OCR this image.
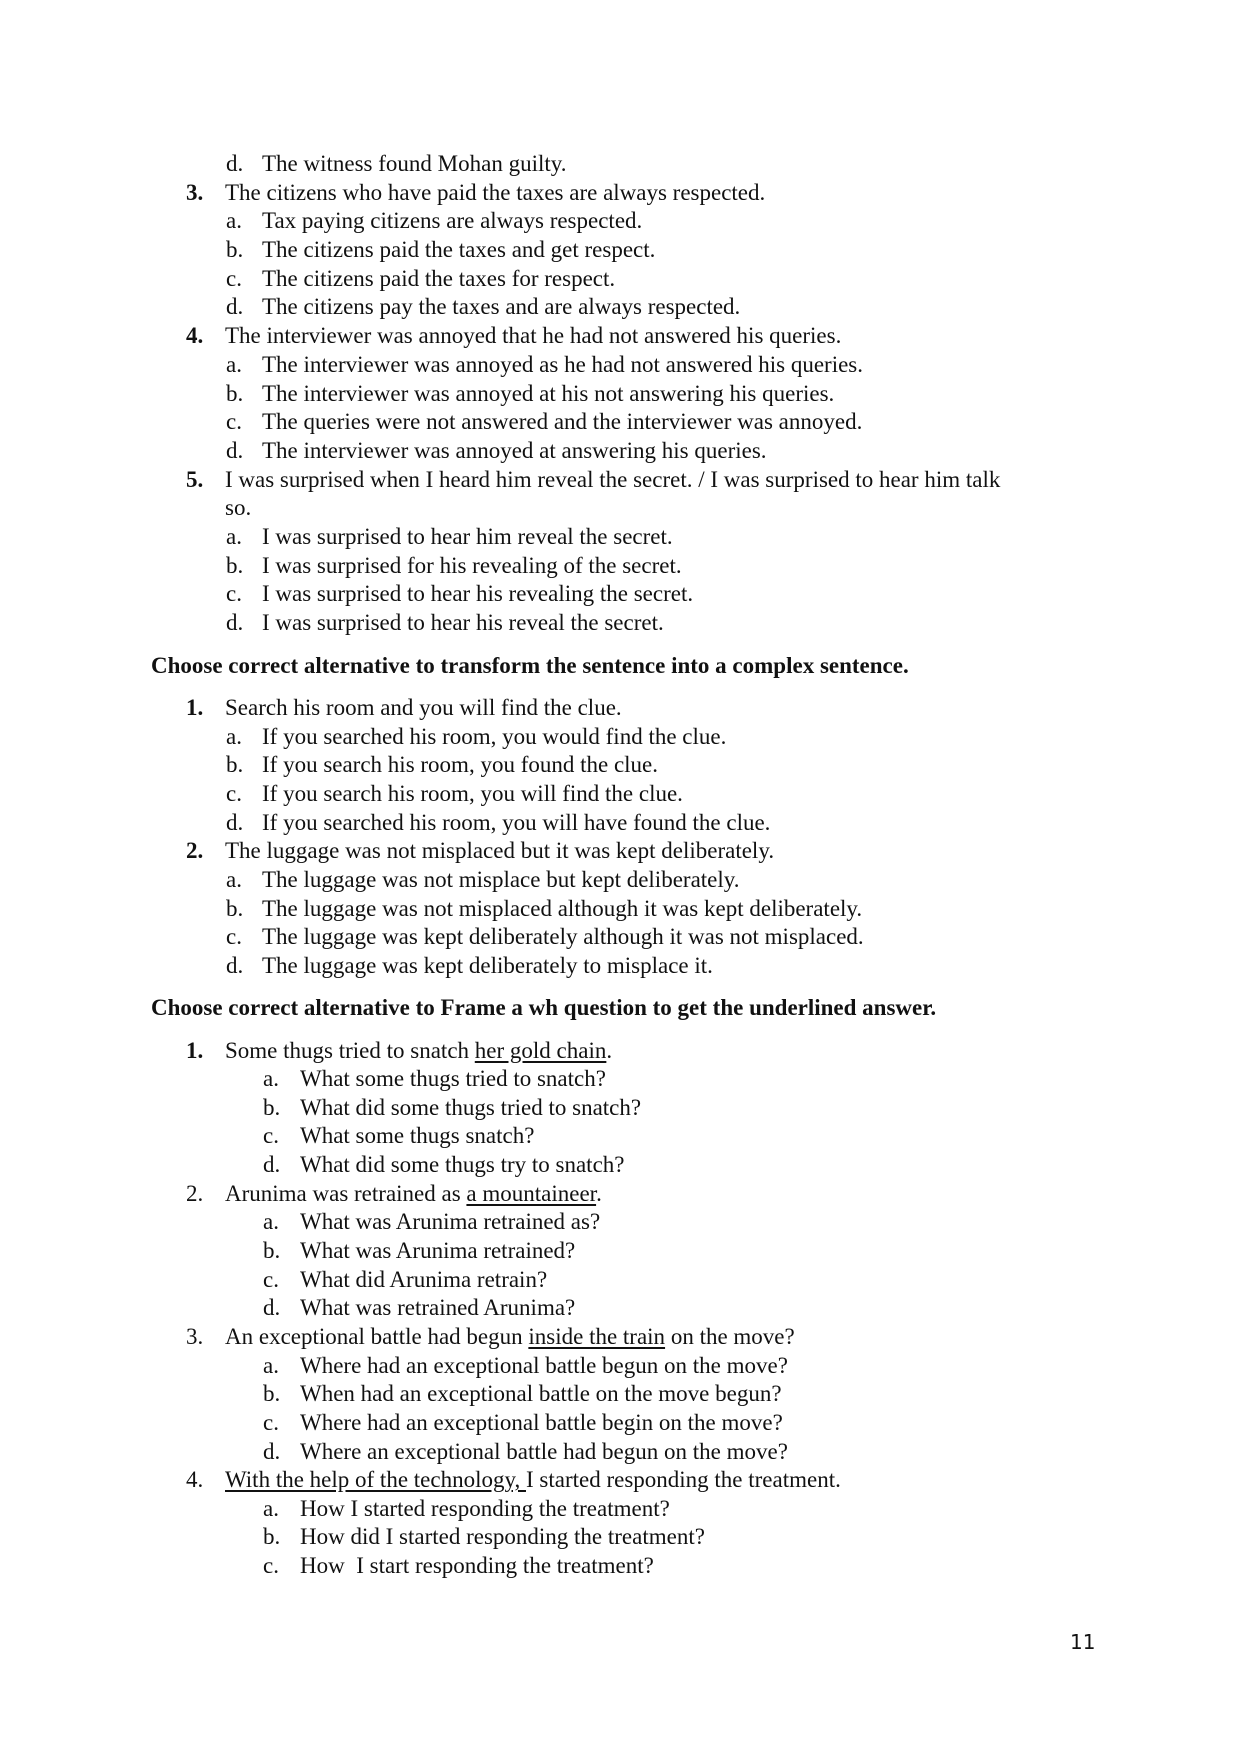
d. The witness found Mohan guilty.
3. The citizens who have paid the taxes are always respected.
a. Tax paying citizens are always respected.
b. The citizens paid the taxes and get respect.
c. The citizens paid the taxes for respect.
d. The citizens pay the taxes and are always respected.
4. The interviewer was annoyed that he had not answered his queries.
a. The interviewer was annoyed as he had not answered his queries.
b. The interviewer was annoyed at his not answering his queries.
c. The queries were not answered and the interviewer was annoyed.
d. The interviewer was annoyed at answering his queries.
5. I was surprised when I heard him reveal the secret. / I was surprised to hear him talk
so.
a. I was surprised to hear him reveal the secret.
b. I was surprised for his revealing of the secret.
c. I was surprised to hear his revealing the secret.
d. I was surprised to hear his reveal the secret.
Choose correct alternative to transform the sentence into a complex sentence.
1. Search his room and you will find the clue.
a. If you searched his room, you would find the clue.
b. If you search his room, you found the clue.
c. If you search his room, you will find the clue.
d. If you searched his room, you will have found the clue.
2. The luggage was not misplaced but it was kept deliberately.
a. The luggage was not misplace but kept deliberately.
b. The luggage was not misplaced although it was kept deliberately.
c. The luggage was kept deliberately although it was not misplaced.
d. The luggage was kept deliberately to misplace it.
Choose correct alternative to Frame a wh question to get the underlined answer.
1. Some thugs tried to snatch her gold chain.
a. What some thugs tried to snatch?
b. What did some thugs tried to snatch?
c. What some thugs snatch?
d. What did some thugs try to snatch?
2. Arunima was retrained as a mountaineer.
a. What was Arunima retrained as?
b. What was Arunima retrained?
c. What did Arunima retrain?
d. What was retrained Arunima?
3. An exceptional battle had begun inside the train on the move?
a. Where had an exceptional battle begun on the move?
b. When had an exceptional battle on the move begun?
c. Where had an exceptional battle begin on the move?
d. Where an exceptional battle had begun on the move?
4. With the help of the technology, I started responding the treatment.
a. How I started responding the treatment?
b. How did I started responding the treatment?
c. How  I start responding the treatment?
11
